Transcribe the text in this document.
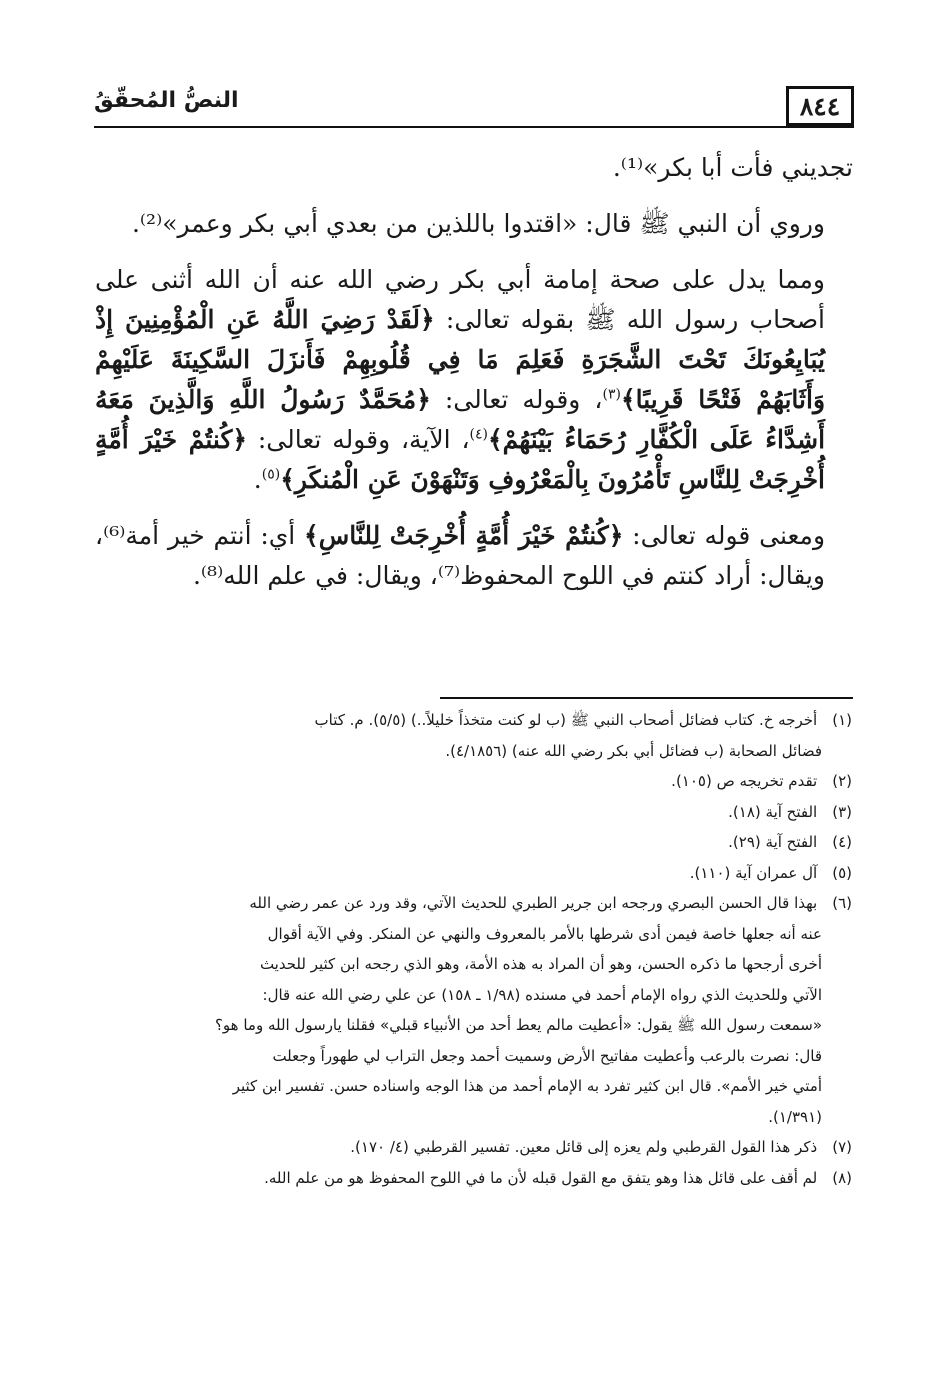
٨٤٤
النصُّ المُحقّقُ

تجديني فأت أبا بكر»⁽¹⁾.

وروي أن النبي ﷺ قال: «اقتدوا باللذين من بعدي أبي بكر وعمر»⁽²⁾.

ومما يدل على صحة إمامة أبي بكر رضي الله عنه أن الله أثنى على أصحاب رسول الله ﷺ بقوله تعالى: ﴿لَقَدْ رَضِيَ اللَّهُ عَنِ الْمُؤْمِنِينَ إِذْ يُبَايِعُونَكَ تَحْتَ الشَّجَرَةِ فَعَلِمَ مَا فِي قُلُوبِهِمْ فَأَنزَلَ السَّكِينَةَ عَلَيْهِمْ وَأَثَابَهُمْ فَتْحًا قَرِيبًا﴾$^{(٣)}$، وقوله تعالى: ﴿مُحَمَّدٌ رَسُولُ اللَّهِ وَالَّذِينَ مَعَهُ أَشِدَّاءُ عَلَى الْكُفَّارِ رُحَمَاءُ بَيْنَهُمْ﴾$^{(٤)}$، الآية، وقوله تعالى: ﴿كُنتُمْ خَيْرَ أُمَّةٍ أُخْرِجَتْ لِلنَّاسِ تَأْمُرُونَ بِالْمَعْرُوفِ وَتَنْهَوْنَ عَنِ الْمُنكَرِ﴾$^{(٥)}$.

ومعنى قوله تعالى: ﴿كُنتُمْ خَيْرَ أُمَّةٍ أُخْرِجَتْ لِلنَّاسِ﴾ أي: أنتم خير أمة⁽⁶⁾، ويقال: أراد كنتم في اللوح المحفوظ⁽⁷⁾، ويقال: في علم الله⁽⁸⁾.

(١) أخرجه خ. كتاب فضائل أصحاب النبي ﷺ (ب لو كنت متخذاً خليلاً..) (٥/٥). م. كتاب

فضائل الصحابة (ب فضائل أبي بكر رضي الله عنه) (٤/١٨٥٦).

(٢) تقدم تخريجه ص (١٠٥).

(٣) الفتح آية (١٨).

(٤) الفتح آية (٢٩).

(٥) آل عمران آية (١١٠).

(٦) بهذا قال الحسن البصري ورجحه ابن جرير الطبري للحديث الآتي، وقد ورد عن عمر رضي الله

عنه أنه جعلها خاصة فيمن أدى شرطها بالأمر بالمعروف والنهي عن المنكر. وفي الآية أقوال

أخرى أرجحها ما ذكره الحسن، وهو أن المراد به هذه الأمة، وهو الذي رجحه ابن كثير للحديث

الآتي وللحديث الذي رواه الإمام أحمد في مسنده (١/٩٨ ـ ١٥٨) عن علي رضي الله عنه قال:

«سمعت رسول الله ﷺ يقول: «أعطيت مالم يعط أحد من الأنبياء قبلي» فقلنا يارسول الله وما هو؟

قال: نصرت بالرعب وأعطيت مفاتيح الأرض وسميت أحمد وجعل التراب لي طهوراً وجعلت

أمتي خير الأمم». قال ابن كثير تفرد به الإمام أحمد من هذا الوجه واسناده حسن. تفسير ابن كثير

(١/٣٩١).

(٧) ذكر هذا القول القرطبي ولم يعزه إلى قائل معين. تفسير القرطبي (٤/ ١٧٠).

(٨) لم أقف على قائل هذا وهو يتفق مع القول قبله لأن ما في اللوح المحفوظ هو من علم الله.
